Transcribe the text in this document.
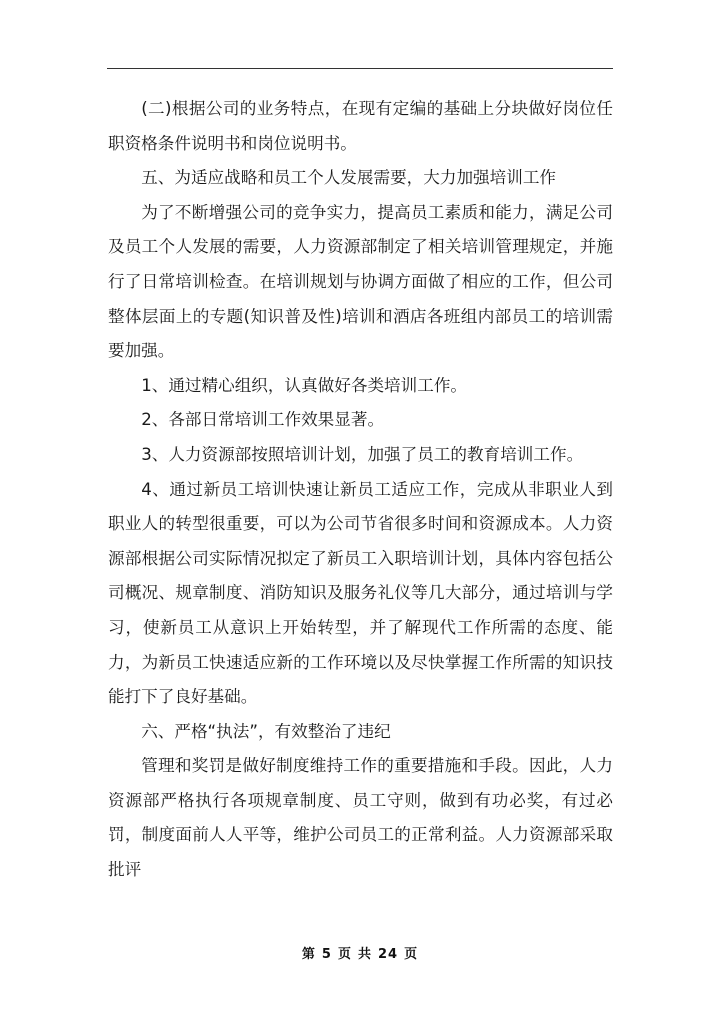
(二)根据公司的业务特点，在现有定编的基础上分块做好岗位任职资格条件说明书和岗位说明书。

五、为适应战略和员工个人发展需要，大力加强培训工作

为了不断增强公司的竞争实力，提高员工素质和能力，满足公司及员工个人发展的需要，人力资源部制定了相关培训管理规定，并施行了日常培训检查。在培训规划与协调方面做了相应的工作，但公司整体层面上的专题(知识普及性)培训和酒店各班组内部员工的培训需要加强。

1、通过精心组织，认真做好各类培训工作。

2、各部日常培训工作效果显著。

3、人力资源部按照培训计划，加强了员工的教育培训工作。

4、通过新员工培训快速让新员工适应工作，完成从非职业人到职业人的转型很重要，可以为公司节省很多时间和资源成本。人力资源部根据公司实际情况拟定了新员工入职培训计划，具体内容包括公司概况、规章制度、消防知识及服务礼仪等几大部分，通过培训与学习，使新员工从意识上开始转型，并了解现代工作所需的态度、能力，为新员工快速适应新的工作环境以及尽快掌握工作所需的知识技能打下了良好基础。

六、严格“执法”，有效整治了违纪

管理和奖罚是做好制度维持工作的重要措施和手段。因此，人力资源部严格执行各项规章制度、员工守则，做到有功必奖，有过必罚，制度面前人人平等，维护公司员工的正常利益。人力资源部采取批评

第 5 页 共 24 页
